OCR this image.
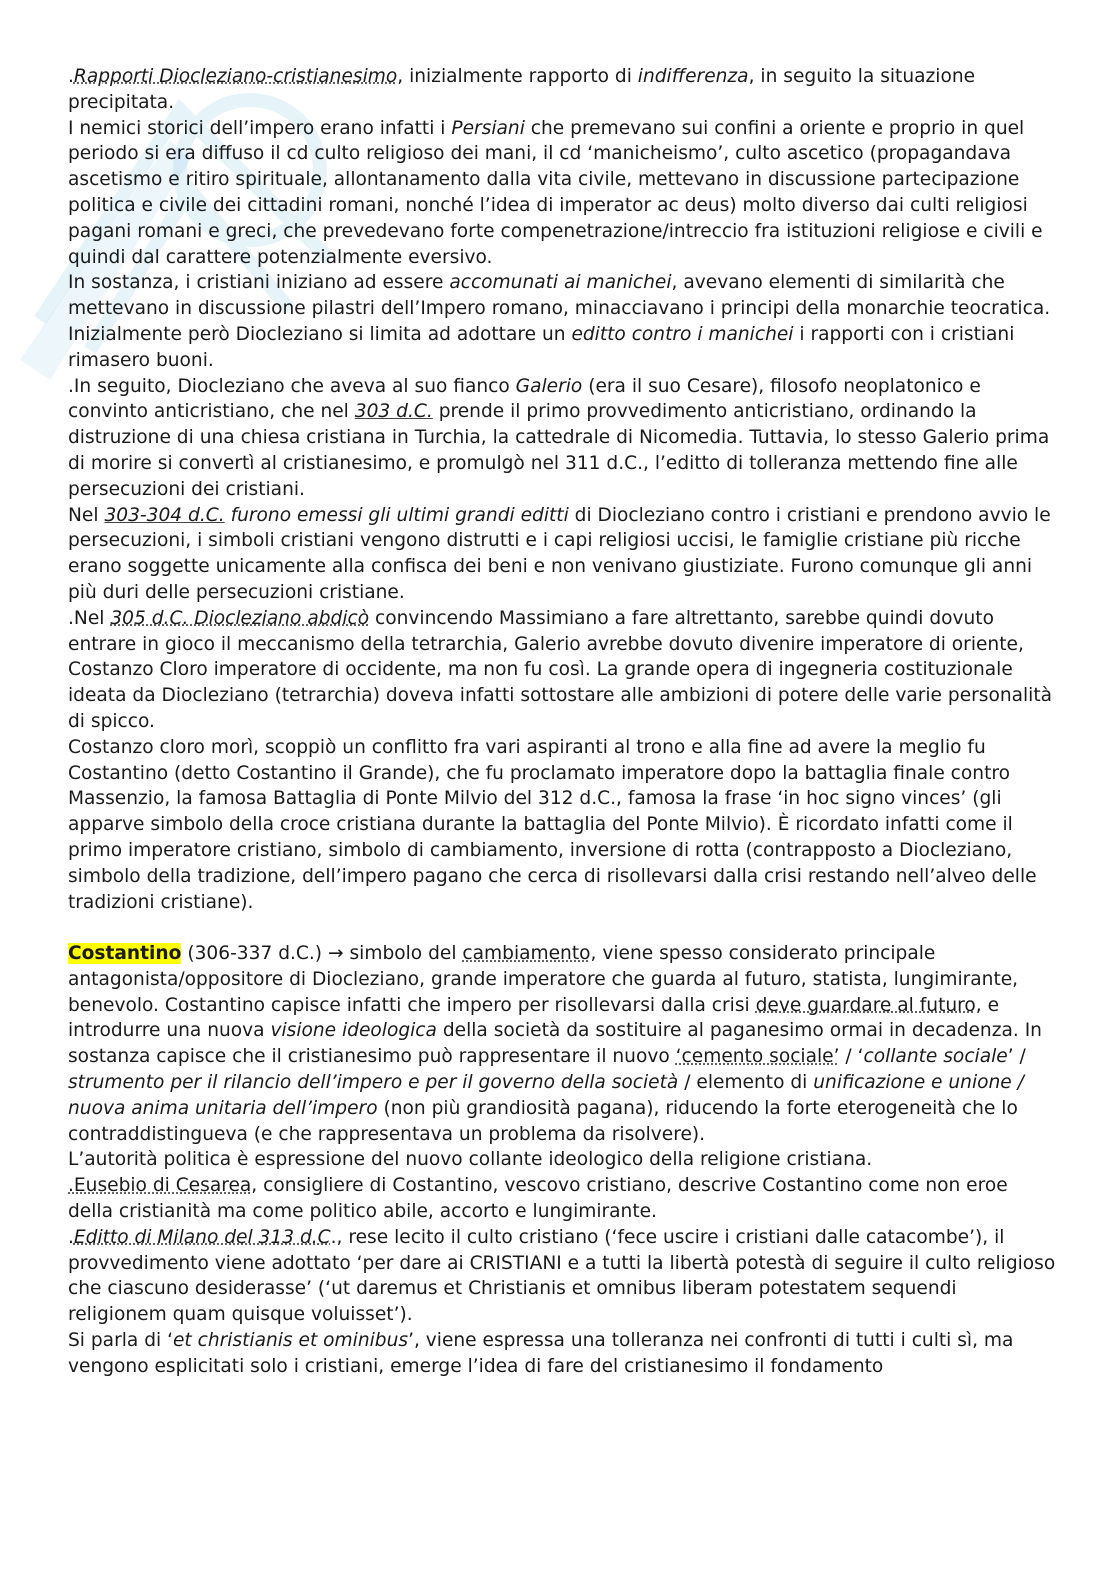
.Rapporti Diocleziano-cristianesimo, inizialmente rapporto di indifferenza, in seguito la situazione precipitata.

I nemici storici dell’impero erano infatti i Persiani che premevano sui confini a oriente e proprio in quel periodo si era diffuso il cd culto religioso dei mani, il cd ‘manicheismo’, culto ascetico (propagandava ascetismo e ritiro spirituale, allontanamento dalla vita civile, mettevano in discussione partecipazione politica e civile dei cittadini romani, nonché l’idea di imperator ac deus) molto diverso dai culti religiosi pagani romani e greci, che prevedevano forte compenetrazione/intreccio fra istituzioni religiose e civili e quindi dal carattere potenzialmente eversivo.

In sostanza, i cristiani iniziano ad essere accomunati ai manichei, avevano elementi di similarità che mettevano in discussione pilastri dell’Impero romano, minacciavano i principi della monarchie teocratica.

Inizialmente però Diocleziano si limita ad adottare un editto contro i manichei i rapporti con i cristiani rimasero buoni.

.In seguito, Diocleziano che aveva al suo fianco Galerio (era il suo Cesare), filosofo neoplatonico e convinto anticristiano, che nel 303 d.C. prende il primo provvedimento anticristiano, ordinando la distruzione di una chiesa cristiana in Turchia, la cattedrale di Nicomedia. Tuttavia, lo stesso Galerio prima di morire si convertì al cristianesimo, e promulgò nel 311 d.C., l’editto di tolleranza mettendo fine alle persecuzioni dei cristiani.

Nel 303-304 d.C. furono emessi gli ultimi grandi editti di Diocleziano contro i cristiani e prendono avvio le persecuzioni, i simboli cristiani vengono distrutti e i capi religiosi uccisi, le famiglie cristiane più ricche erano soggette unicamente alla confisca dei beni e non venivano giustiziate. Furono comunque gli anni più duri delle persecuzioni cristiane.

.Nel 305 d.C. Diocleziano abdicò convincendo Massimiano a fare altrettanto, sarebbe quindi dovuto entrare in gioco il meccanismo della tetrarchia, Galerio avrebbe dovuto divenire imperatore di oriente, Costanzo Cloro imperatore di occidente, ma non fu così. La grande opera di ingegneria costituzionale ideata da Diocleziano (tetrarchia) doveva infatti sottostare alle ambizioni di potere delle varie personalità di spicco.

Costanzo cloro morì, scoppiò un conflitto fra vari aspiranti al trono e alla fine ad avere la meglio fu Costantino (detto Costantino il Grande), che fu proclamato imperatore dopo la battaglia finale contro Massenzio, la famosa Battaglia di Ponte Milvio del 312 d.C., famosa la frase ‘in hoc signo vinces’ (gli apparve simbolo della croce cristiana durante la battaglia del Ponte Milvio). È ricordato infatti come il primo imperatore cristiano, simbolo di cambiamento, inversione di rotta (contrapposto a Diocleziano, simbolo della tradizione, dell’impero pagano che cerca di risollevarsi dalla crisi restando nell’alveo delle tradizioni cristiane).

Costantino (306-337 d.C.) → simbolo del cambiamento, viene spesso considerato principale antagonista/oppositore di Diocleziano, grande imperatore che guarda al futuro, statista, lungimirante, benevolo. Costantino capisce infatti che impero per risollevarsi dalla crisi deve guardare al futuro, e introdurre una nuova visione ideologica della società da sostituire al paganesimo ormai in decadenza. In sostanza capisce che il cristianesimo può rappresentare il nuovo ‘cemento sociale’ / ‘collante sociale’ / strumento per il rilancio dell’impero e per il governo della società / elemento di unificazione e unione / nuova anima unitaria dell’impero (non più grandiosità pagana), riducendo la forte eterogeneità che lo contraddistingueva (e che rappresentava un problema da risolvere).

L’autorità politica è espressione del nuovo collante ideologico della religione cristiana.

.Eusebio di Cesarea, consigliere di Costantino, vescovo cristiano, descrive Costantino come non eroe della cristianità ma come politico abile, accorto e lungimirante.

.Editto di Milano del 313 d.C., rese lecito il culto cristiano (‘fece uscire i cristiani dalle catacombe’), il provvedimento viene adottato ‘per dare ai CRISTIANI e a tutti la libertà potestà di seguire il culto religioso che ciascuno desiderasse’ (‘ut daremus et Christianis et omnibus liberam potestatem sequendi religionem quam quisque voluisset’).

Si parla di ‘et christianis et ominibus’, viene espressa una tolleranza nei confronti di tutti i culti sì, ma vengono esplicitati solo i cristiani, emerge l’idea di fare del cristianesimo il fondamento
